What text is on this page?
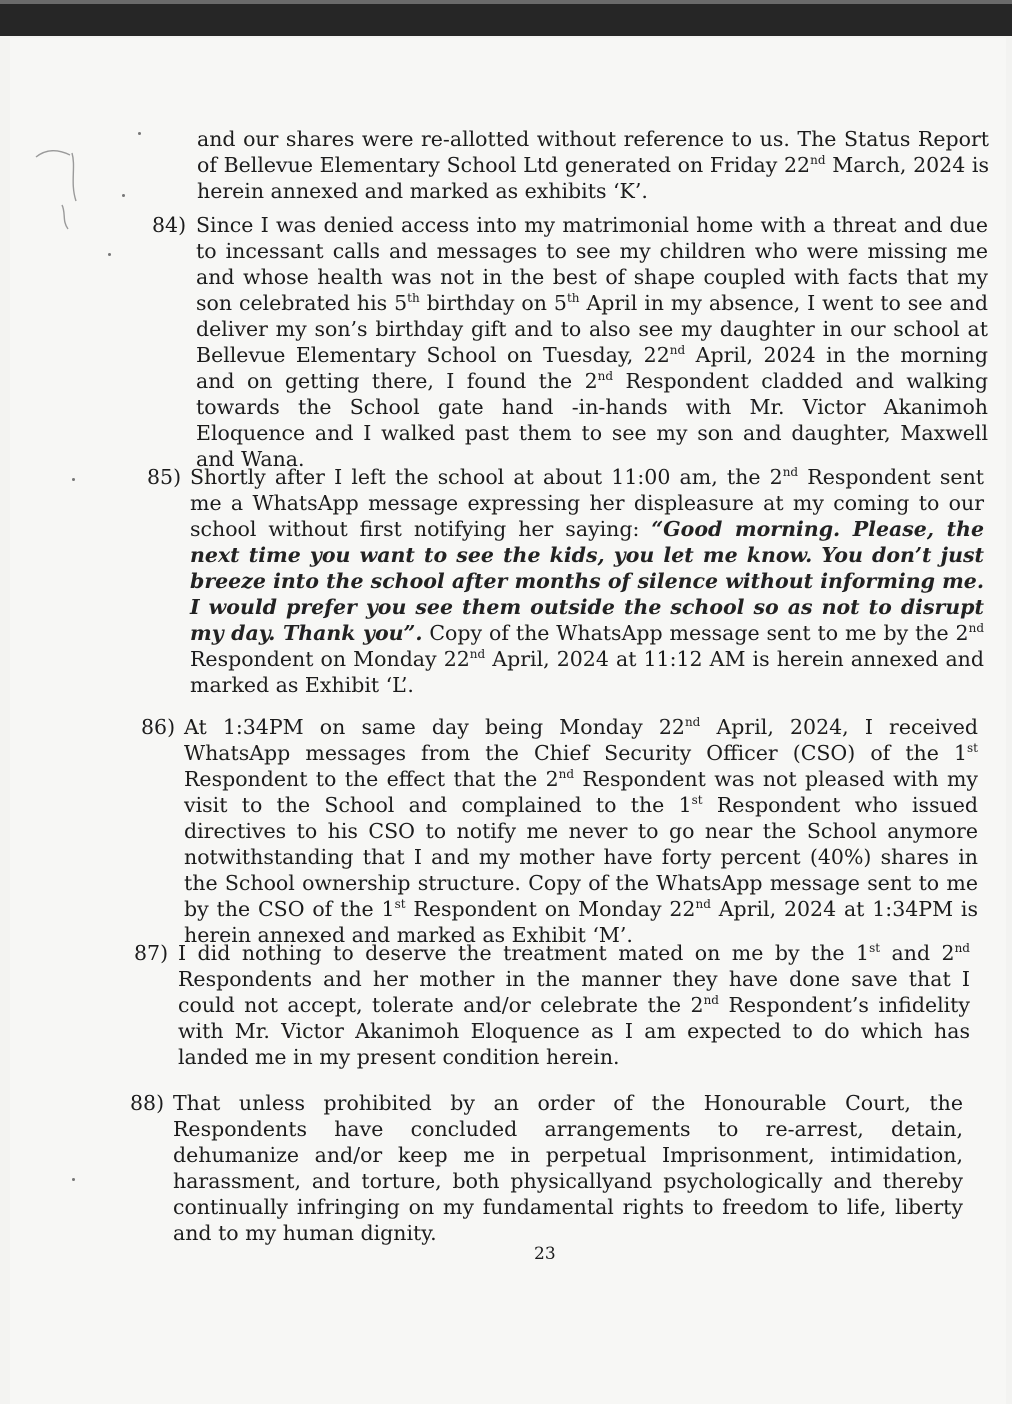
and our shares were re-allotted without reference to us. The Status Report of Bellevue Elementary School Ltd generated on Friday 22nd March, 2024 is herein annexed and marked as exhibits ‘K’.
84) Since I was denied access into my matrimonial home with a threat and due to incessant calls and messages to see my children who were missing me and whose health was not in the best of shape coupled with facts that my son celebrated his 5th birthday on 5th April in my absence, I went to see and deliver my son’s birthday gift and to also see my daughter in our school at Bellevue Elementary School on Tuesday, 22nd April, 2024 in the morning and on getting there, I found the 2nd Respondent cladded and walking towards the School gate hand -in-hands with Mr. Victor Akanimoh Eloquence and I walked past them to see my son and daughter, Maxwell and Wana.
85) Shortly after I left the school at about 11:00 am, the 2nd Respondent sent me a WhatsApp message expressing her displeasure at my coming to our school without first notifying her saying: “Good morning. Please, the next time you want to see the kids, you let me know. You don’t just breeze into the school after months of silence without informing me. I would prefer you see them outside the school so as not to disrupt my day. Thank you”. Copy of the WhatsApp message sent to me by the 2nd Respondent on Monday 22nd April, 2024 at 11:12 AM is herein annexed and marked as Exhibit ‘L’.
86) At 1:34PM on same day being Monday 22nd April, 2024, I received WhatsApp messages from the Chief Security Officer (CSO) of the 1st Respondent to the effect that the 2nd Respondent was not pleased with my visit to the School and complained to the 1st Respondent who issued directives to his CSO to notify me never to go near the School anymore notwithstanding that I and my mother have forty percent (40%) shares in the School ownership structure. Copy of the WhatsApp message sent to me by the CSO of the 1st Respondent on Monday 22nd April, 2024 at 1:34PM is herein annexed and marked as Exhibit ‘M’.
87) I did nothing to deserve the treatment mated on me by the 1st and 2nd Respondents and her mother in the manner they have done save that I could not accept, tolerate and/or celebrate the 2nd Respondent’s infidelity with Mr. Victor Akanimoh Eloquence as I am expected to do which has landed me in my present condition herein.
88) That unless prohibited by an order of the Honourable Court, the Respondents have concluded arrangements to re-arrest, detain, dehumanize and/or keep me in perpetual Imprisonment, intimidation, harassment, and torture, both physicallyand psychologically and thereby continually infringing on my fundamental rights to freedom to life, liberty and to my human dignity.
23
